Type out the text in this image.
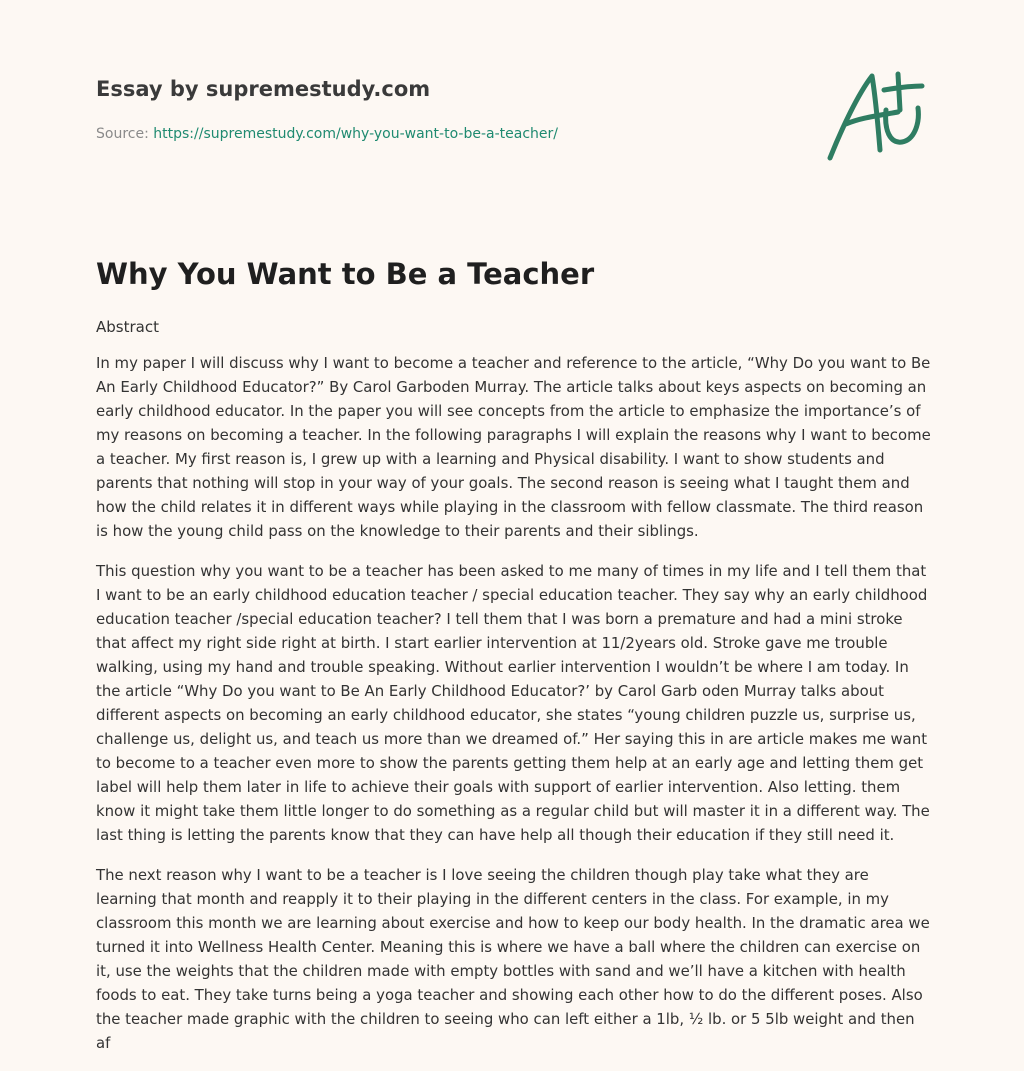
Essay by supremestudy.com
Source: https://supremestudy.com/why-you-want-to-be-a-teacher/
Why You Want to Be a Teacher

Abstract

In my paper I will discuss why I want to become a teacher and reference to the article, “Why Do you want to Be An Early Childhood Educator?” By Carol Garboden Murray. The article talks about keys aspects on becoming an early childhood educator. In the paper you will see concepts from the article to emphasize the importance’s of my reasons on becoming a teacher. In the following paragraphs I will explain the reasons why I want to become a teacher. My first reason is, I grew up with a learning and Physical disability. I want to show students and parents that nothing will stop in your way of your goals. The second reason is seeing what I taught them and how the child relates it in different ways while playing in the classroom with fellow classmate. The third reason is how the young child pass on the knowledge to their parents and their siblings.

This question why you want to be a teacher has been asked to me many of times in my life and I tell them that I want to be an early childhood education teacher / special education teacher. They say why an early childhood education teacher /special education teacher? I tell them that I was born a premature and had a mini stroke that affect my right side right at birth. I start earlier intervention at 11/2years old. Stroke gave me trouble walking, using my hand and trouble speaking. Without earlier intervention I wouldn’t be where I am today. In the article “Why Do you want to Be An Early Childhood Educator?’ by Carol Garb oden Murray talks about different aspects on becoming an early childhood educator, she states “young children puzzle us, surprise us, challenge us, delight us, and teach us more than we dreamed of.” Her saying this in are article makes me want to become to a teacher even more to show the parents getting them help at an early age and letting them get label will help them later in life to achieve their goals with support of earlier intervention. Also letting. them know it might take them little longer to do something as a regular child but will master it in a different way. The last thing is letting the parents know that they can have help all though their education if they still need it.

The next reason why I want to be a teacher is I love seeing the children though play take what they are learning that month and reapply it to their playing in the different centers in the class. For example, in my classroom this month we are learning about exercise and how to keep our body health. In the dramatic area we turned it into Wellness Health Center. Meaning this is where we have a ball where the children can exercise on it, use the weights that the children made with empty bottles with sand and we’ll have a kitchen with health foods to eat. They take turns being a yoga teacher and showing each other how to do the different poses. Also the teacher made graphic with the children to seeing who can left either a 1lb, ½ lb. or 5 5lb weight and then af
